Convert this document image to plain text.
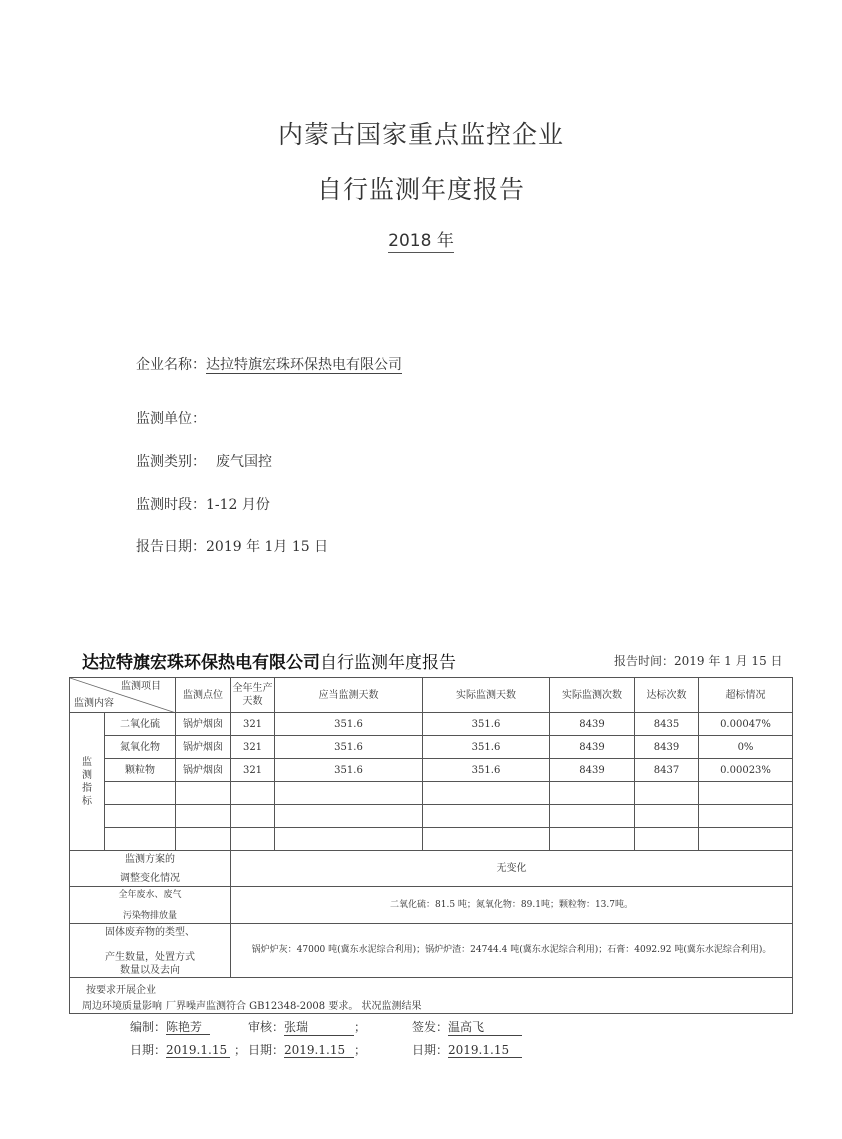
内蒙古国家重点监控企业
自行监测年度报告
2018 年
企业名称：达拉特旗宏珠环保热电有限公司
监测单位：
监测类别： 废气国控
监测时段：1-12 月份
报告日期：2019 年 1月 15 日
达拉特旗宏珠环保热电有限公司自行监测年度报告	报告时间：2019 年 1 月 15 日
监测项目
监测内容		监测点位	全年生产天数	应当监测天数	实际监测天数	实际监测次数	达标次数	超标情况

监测指标	二氧化硫	锅炉烟囱	321	351.6	351.6	8439	8435	0.00047%
	氮氧化物	锅炉烟囱	321	351.6	351.6	8439	8439	0%
	颗粒物	锅炉烟囱	321	351.6	351.6	8439	8437	0.00023%

监测方案的
调整变化情况			无变化					

全年废水、废气
污染物排放量			二氧化硫：81.5 吨；氮氧化物：89.1吨；颗粒物：13.7吨。					

固体废弃物的类型、
产生数量，处置方式
数量以及去向			锅炉炉灰：47000 吨(冀东水泥综合利用)；锅炉炉渣：24744.4 吨(冀东水泥综合利用)；石膏：4092.92 吨(冀东水泥综合利用)。					

按要求开展企业
周边环境质量影响 厂界噪声监测符合 GB12348-2008 要求。 状况监测结果								
编制：陈艳芳	审核：张瑞	；	签发：温高飞
日期：2019.1.15 ； 日期：2019.1.15 ；	日期：2019.1.15
